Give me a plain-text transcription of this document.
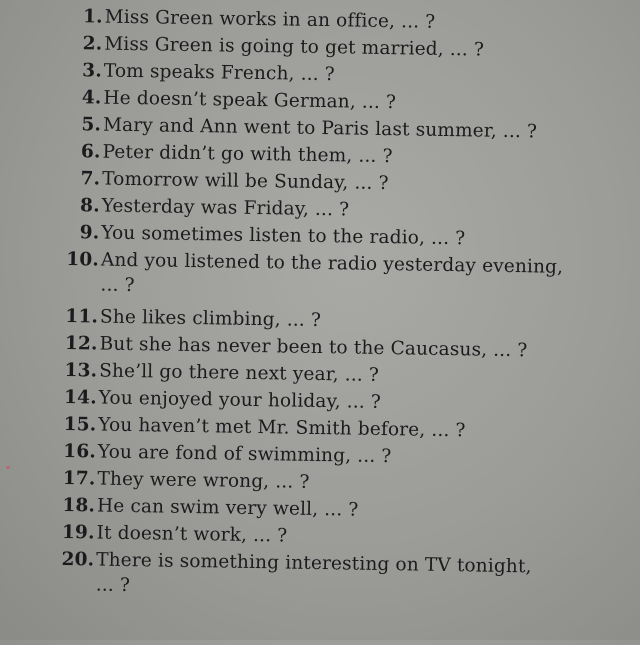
1. Miss Green works in an office, ... ?
2. Miss Green is going to get married, ... ?
3. Tom speaks French, ... ?
4. He doesn’t speak German, ... ?
5. Mary and Ann went to Paris last summer, ... ?
6. Peter didn’t go with them, ... ?
7. Tomorrow will be Sunday, ... ?
8. Yesterday was Friday, ... ?
9. You sometimes listen to the radio, ... ?
10. And you listened to the radio yesterday evening,
... ?
11. She likes climbing, ... ?
12. But she has never been to the Caucasus, ... ?
13. She’ll go there next year, ... ?
14. You enjoyed your holiday, ... ?
15. You haven’t met Mr. Smith before, ... ?
16. You are fond of swimming, ... ?
17. They were wrong, ... ?
18. He can swim very well, ... ?
19. It doesn’t work, ... ?
20. There is something interesting on TV tonight,
... ?
